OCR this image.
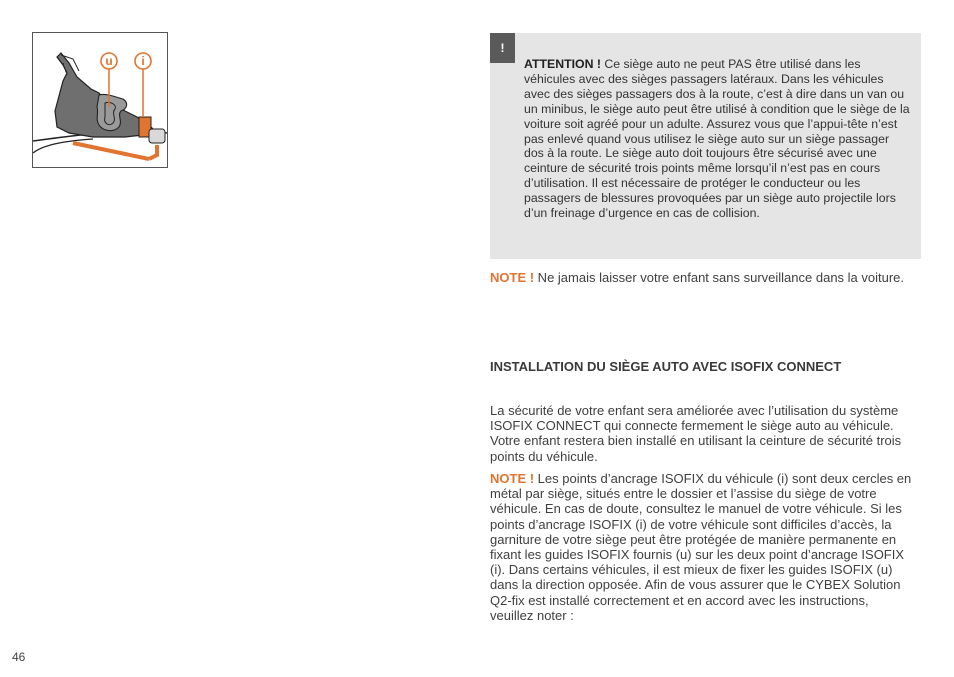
u i
!
ATTENTION ! Ce siège auto ne peut PAS être utilisé dans les véhicules avec des sièges passagers latéraux. Dans les véhicules avec des sièges passagers dos à la route, c’est à dire dans un van ou un minibus, le siège auto peut être utilisé à condition que le siège de la voiture soit agréé pour un adulte. Assurez vous que l’appui-tête n’est pas enlevé quand vous utilisez le siège auto sur un siège passager dos à la route. Le siège auto doit toujours être sécurisé avec une ceinture de sécurité trois points même lorsqu’il n’est pas en cours d’utilisation. Il est nécessaire de protéger le conducteur ou les passagers de blessures provoquées par un siège auto projectile lors d’un freinage d’urgence en cas de collision.
NOTE ! Ne jamais laisser votre enfant sans surveillance dans la voiture.
INSTALLATION DU SIÈGE AUTO AVEC ISOFIX CONNECT
La sécurité de votre enfant sera améliorée avec l’utilisation du système ISOFIX CONNECT qui connecte fermement le siège auto au véhicule. Votre enfant restera bien installé en utilisant la ceinture de sécurité trois points du véhicule.
NOTE ! Les points d’ancrage ISOFIX du véhicule (i) sont deux cercles en métal par siège, situés entre le dossier et l’assise du siège de votre véhicule. En cas de doute, consultez le manuel de votre véhicule. Si les points d’ancrage ISOFIX (i) de votre véhicule sont difficiles d’accès, la garniture de votre siège peut être protégée de manière permanente en fixant les guides ISOFIX fournis (u) sur les deux point d’ancrage ISOFIX (i). Dans certains véhicules, il est mieux de fixer les guides ISOFIX (u) dans la direction opposée. Afin de vous assurer que le CYBEX Solution Q2-fix est installé correctement et en accord avec les instructions, veuillez noter :
46
